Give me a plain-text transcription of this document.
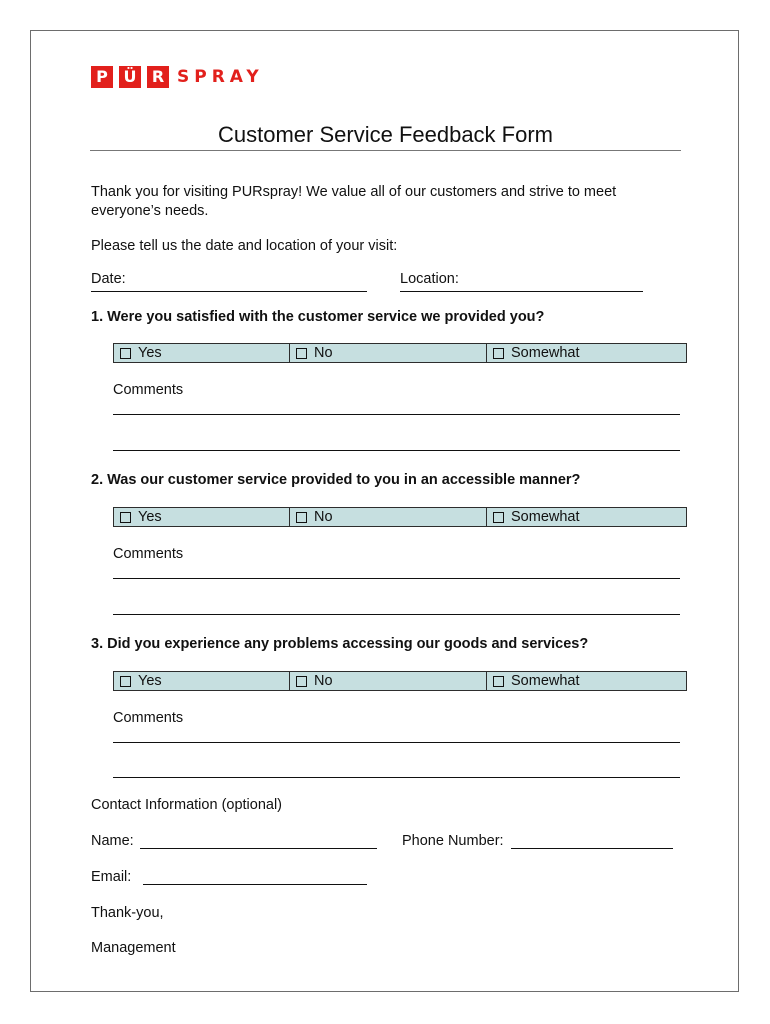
P Ü R SPRAY
Customer Service Feedback Form
Thank you for visiting PURspray! We value all of our customers and strive to meet everyone’s needs.
Please tell us the date and location of your visit:
Date:	Location:
1. Were you satisfied with the customer service we provided you?
Yes	No	Somewhat
Comments
2. Was our customer service provided to you in an accessible manner?
Yes	No	Somewhat
Comments
3. Did you experience any problems accessing our goods and services?
Yes	No	Somewhat
Comments
Contact Information (optional)
Name:	Phone Number:
Email:
Thank-you,
Management
